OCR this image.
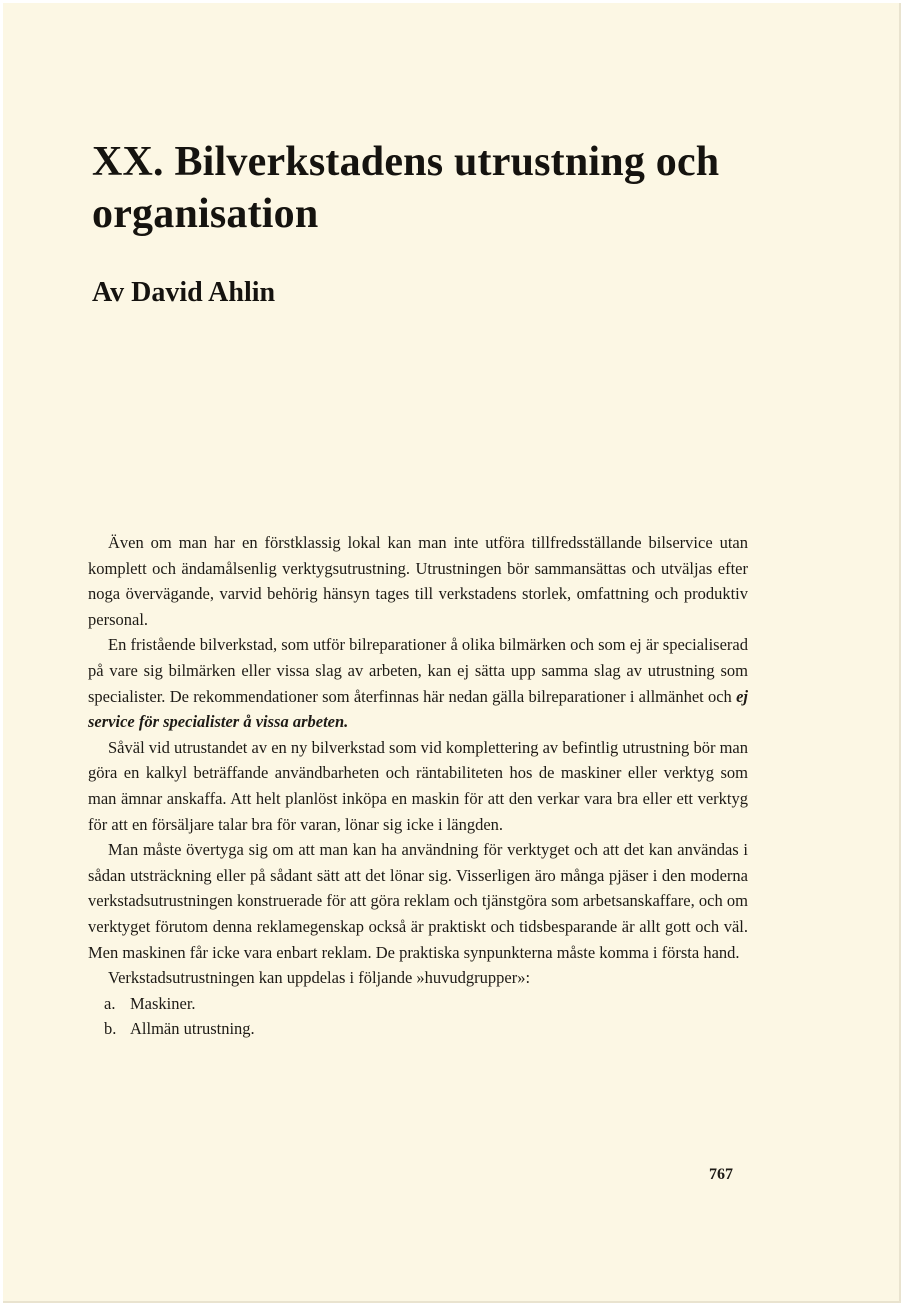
XX. Bilverkstadens utrustning och organisation
Av David Ahlin

Även om man har en förstklassig lokal kan man inte utföra tillfredsställande bilservice utan komplett och ändamålsenlig verktygsutrustning. Utrustningen bör sammansättas och utväljas efter noga övervägande, varvid behörig hänsyn tages till verkstadens storlek, omfattning och produktiv personal.

En fristående bilverkstad, som utför bilreparationer å olika bilmärken och som ej är specialiserad på vare sig bilmärken eller vissa slag av arbeten, kan ej sätta upp samma slag av utrustning som specialister. De rekommendationer som återfinnas här nedan gälla bilreparationer i allmänhet och ej service för specialister å vissa arbeten.

Såväl vid utrustandet av en ny bilverkstad som vid komplettering av befintlig utrustning bör man göra en kalkyl beträffande användbarheten och räntabiliteten hos de maskiner eller verktyg som man ämnar anskaffa. Att helt planlöst inköpa en maskin för att den verkar vara bra eller ett verktyg för att en försäljare talar bra för varan, lönar sig icke i längden.

Man måste övertyga sig om att man kan ha användning för verktyget och att det kan användas i sådan utsträckning eller på sådant sätt att det lönar sig. Visserligen äro många pjäser i den moderna verkstadsutrustningen konstruerade för att göra reklam och tjänstgöra som arbetsanskaffare, och om verktyget förutom denna reklamegenskap också är praktiskt och tidsbesparande är allt gott och väl. Men maskinen får icke vara enbart reklam. De praktiska synpunkterna måste komma i första hand.

Verkstadsutrustningen kan uppdelas i följande »huvudgrupper»:

a. Maskiner.

b. Allmän utrustning.

767
